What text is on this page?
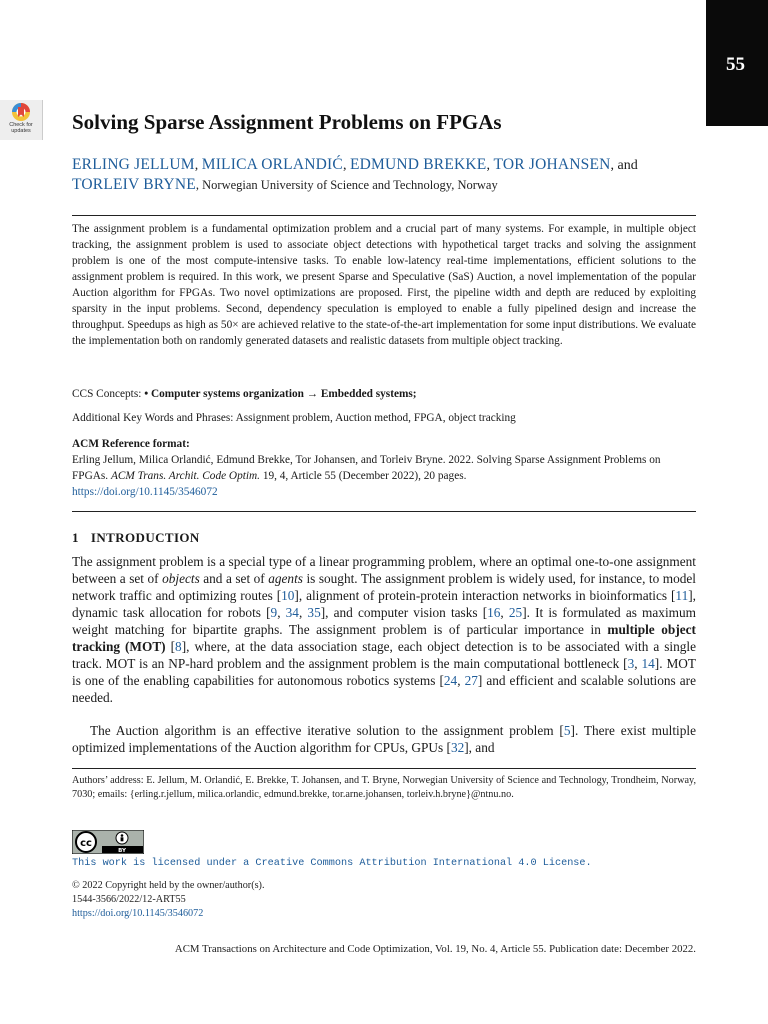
55
Check for
updates	Solving Sparse Assignment Problems on FPGAs
ERLING JELLUM, MILICA ORLANDIĆ, EDMUND BREKKE, TOR JOHANSEN, and
TORLEIV BRYNE, Norwegian University of Science and Technology, Norway

The assignment problem is a fundamental optimization problem and a crucial part of many systems. For example, in multiple object tracking, the assignment problem is used to associate object detections with hypothetical target tracks and solving the assignment problem is one of the most compute-intensive tasks. To enable low-latency real-time implementations, efficient solutions to the assignment problem is required. In this work, we present Sparse and Speculative (SaS) Auction, a novel implementation of the popular Auction algorithm for FPGAs. Two novel optimizations are proposed. First, the pipeline width and depth are reduced by exploiting sparsity in the input problems. Second, dependency speculation is employed to enable a fully pipelined design and increase the throughput. Speedups as high as 50× are achieved relative to the state-of-the-art implementation for some input distributions. We evaluate the implementation both on randomly generated datasets and realistic datasets from multiple object tracking.

CCS Concepts: • Computer systems organization → Embedded systems;

Additional Key Words and Phrases: Assignment problem, Auction method, FPGA, object tracking

ACM Reference format:
Erling Jellum, Milica Orlandić, Edmund Brekke, Tor Johansen, and Torleiv Bryne. 2022. Solving Sparse Assignment Problems on FPGAs. ACM Trans. Archit. Code Optim. 19, 4, Article 55 (December 2022), 20 pages.
https://doi.org/10.1145/3546072

1 INTRODUCTION

The assignment problem is a special type of a linear programming problem, where an optimal one-to-one assignment between a set of objects and a set of agents is sought. The assignment problem is widely used, for instance, to model network traffic and optimizing routes [10], alignment of protein-protein interaction networks in bioinformatics [11], dynamic task allocation for robots [9, 34, 35], and computer vision tasks [16, 25]. It is formulated as maximum weight matching for bipartite graphs. The assignment problem is of particular importance in multiple object tracking (MOT) [8], where, at the data association stage, each object detection is to be associated with a single track. MOT is an NP-hard problem and the assignment problem is the main computational bottleneck [3, 14]. MOT is one of the enabling capabilities for autonomous robotics systems [24, 27] and efficient and scalable solutions are needed.

The Auction algorithm is an effective iterative solution to the assignment problem [5]. There exist multiple optimized implementations of the Auction algorithm for CPUs, GPUs [32], and

Authors’ address: E. Jellum, M. Orlandić, E. Brekke, T. Johansen, and T. Bryne, Norwegian University of Science and Technology, Trondheim, Norway, 7030; emails: {erling.r.jellum, milica.orlandic, edmund.brekke, tor.arne.johansen, torleiv.h.bryne}@ntnu.no.

cc
BY

This work is licensed under a Creative Commons Attribution International 4.0 License.

© 2022 Copyright held by the owner/author(s).

1544-3566/2022/12-ART55

https://doi.org/10.1145/3546072

ACM Transactions on Architecture and Code Optimization, Vol. 19, No. 4, Article 55. Publication date: December 2022.
